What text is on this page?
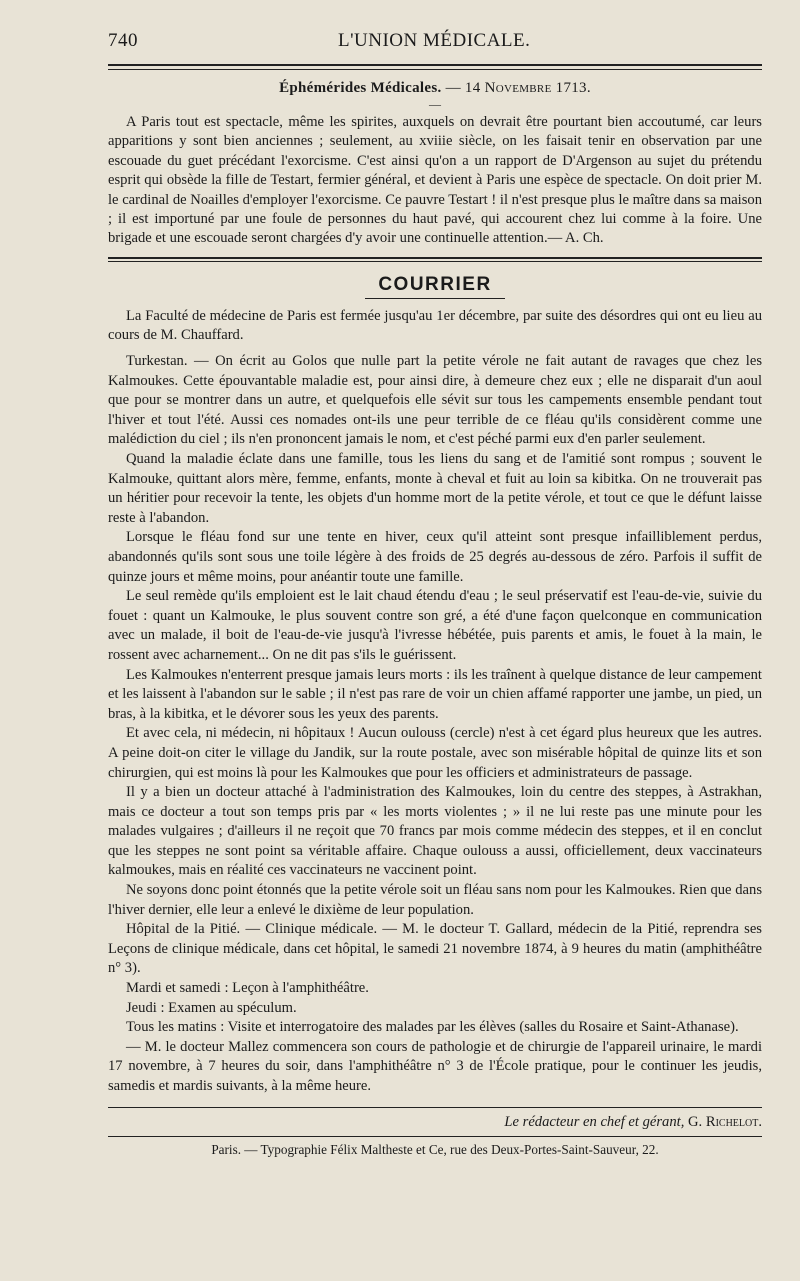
740	L'UNION MÉDICALE.
Éphémérides Médicales. — 14 Novembre 1713.
—

A Paris tout est spectacle, même les spirites, auxquels on devrait être pourtant bien accoutumé, car leurs apparitions y sont bien anciennes ; seulement, au xviiie siècle, on les faisait tenir en observation par une escouade du guet précédant l'exorcisme. C'est ainsi qu'on a un rapport de D'Argenson au sujet du prétendu esprit qui obsède la fille de Testart, fermier général, et devient à Paris une espèce de spectacle. On doit prier M. le cardinal de Noailles d'employer l'exorcisme. Ce pauvre Testart ! il n'est presque plus le maître dans sa maison ; il est importuné par une foule de personnes du haut pavé, qui accourent chez lui comme à la foire. Une brigade et une escouade seront chargées d'y avoir une continuelle attention.— A. Ch.

COURRIER

La Faculté de médecine de Paris est fermée jusqu'au 1er décembre, par suite des désordres qui ont eu lieu au cours de M. Chauffard.

Turkestan. — On écrit au Golos que nulle part la petite vérole ne fait autant de ravages que chez les Kalmoukes. Cette épouvantable maladie est, pour ainsi dire, à demeure chez eux ; elle ne disparait d'un aoul que pour se montrer dans un autre, et quelquefois elle sévit sur tous les campements ensemble pendant tout l'hiver et tout l'été. Aussi ces nomades ont-ils une peur terrible de ce fléau qu'ils considèrent comme une malédiction du ciel ; ils n'en prononcent jamais le nom, et c'est péché parmi eux d'en parler seulement.

Quand la maladie éclate dans une famille, tous les liens du sang et de l'amitié sont rompus ; souvent le Kalmouke, quittant alors mère, femme, enfants, monte à cheval et fuit au loin sa kibitka. On ne trouverait pas un héritier pour recevoir la tente, les objets d'un homme mort de la petite vérole, et tout ce que le défunt laisse reste à l'abandon.

Lorsque le fléau fond sur une tente en hiver, ceux qu'il atteint sont presque infailliblement perdus, abandonnés qu'ils sont sous une toile légère à des froids de 25 degrés au-dessous de zéro. Parfois il suffit de quinze jours et même moins, pour anéantir toute une famille.

Le seul remède qu'ils emploient est le lait chaud étendu d'eau ; le seul préservatif est l'eau-de-vie, suivie du fouet : quant un Kalmouke, le plus souvent contre son gré, a été d'une façon quelconque en communication avec un malade, il boit de l'eau-de-vie jusqu'à l'ivresse hébétée, puis parents et amis, le fouet à la main, le rossent avec acharnement... On ne dit pas s'ils le guérissent.

Les Kalmoukes n'enterrent presque jamais leurs morts : ils les traînent à quelque distance de leur campement et les laissent à l'abandon sur le sable ; il n'est pas rare de voir un chien affamé rapporter une jambe, un pied, un bras, à la kibitka, et le dévorer sous les yeux des parents.

Et avec cela, ni médecin, ni hôpitaux ! Aucun oulouss (cercle) n'est à cet égard plus heureux que les autres. A peine doit-on citer le village du Jandik, sur la route postale, avec son misérable hôpital de quinze lits et son chirurgien, qui est moins là pour les Kalmoukes que pour les officiers et administrateurs de passage.

Il y a bien un docteur attaché à l'administration des Kalmoukes, loin du centre des steppes, à Astrakhan, mais ce docteur a tout son temps pris par « les morts violentes ; » il ne lui reste pas une minute pour les malades vulgaires ; d'ailleurs il ne reçoit que 70 francs par mois comme médecin des steppes, et il en conclut que les steppes ne sont point sa véritable affaire. Chaque oulouss a aussi, officiellement, deux vaccinateurs kalmoukes, mais en réalité ces vaccinateurs ne vaccinent point.

Ne soyons donc point étonnés que la petite vérole soit un fléau sans nom pour les Kalmoukes. Rien que dans l'hiver dernier, elle leur a enlevé le dixième de leur population.

Hôpital de la Pitié. — Clinique médicale. — M. le docteur T. Gallard, médecin de la Pitié, reprendra ses Leçons de clinique médicale, dans cet hôpital, le samedi 21 novembre 1874, à 9 heures du matin (amphithéâtre n° 3).

Mardi et samedi : Leçon à l'amphithéâtre.

Jeudi : Examen au spéculum.

Tous les matins : Visite et interrogatoire des malades par les élèves (salles du Rosaire et Saint-Athanase).

— M. le docteur Mallez commencera son cours de pathologie et de chirurgie de l'appareil urinaire, le mardi 17 novembre, à 7 heures du soir, dans l'amphithéâtre n° 3 de l'École pratique, pour le continuer les jeudis, samedis et mardis suivants, à la même heure.

Le rédacteur en chef et gérant, G. Richelot.
Paris. — Typographie Félix Maltheste et Ce, rue des Deux-Portes-Saint-Sauveur, 22.
